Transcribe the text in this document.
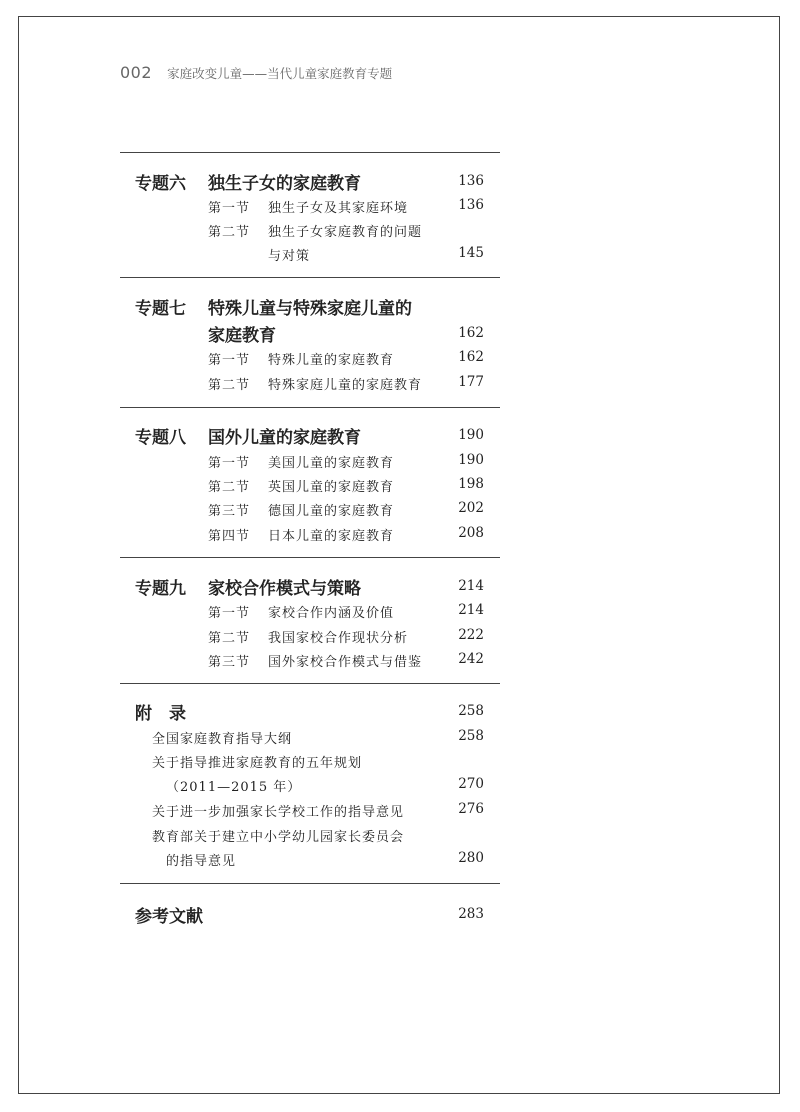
002 家庭改变儿童——当代儿童家庭教育专题
专题六 独生子女的家庭教育	136
第一节 独生子女及其家庭环境	136
第二节 独生子女家庭教育的问题
与对策	145
专题七 特殊儿童与特殊家庭儿童的
家庭教育	162
第一节 特殊儿童的家庭教育	162
第二节 特殊家庭儿童的家庭教育	177
专题八 国外儿童的家庭教育	190
第一节 美国儿童的家庭教育	190
第二节 英国儿童的家庭教育	198
第三节 德国儿童的家庭教育	202
第四节 日本儿童的家庭教育	208
专题九 家校合作模式与策略	214
第一节 家校合作内涵及价值	214
第二节 我国家校合作现状分析	222
第三节 国外家校合作模式与借鉴	242
附　录	258
全国家庭教育指导大纲	258
关于指导推进家庭教育的五年规划
（2011—2015 年）	270
关于进一步加强家长学校工作的指导意见	276
教育部关于建立中小学幼儿园家长委员会
的指导意见	280
参考文献	283
